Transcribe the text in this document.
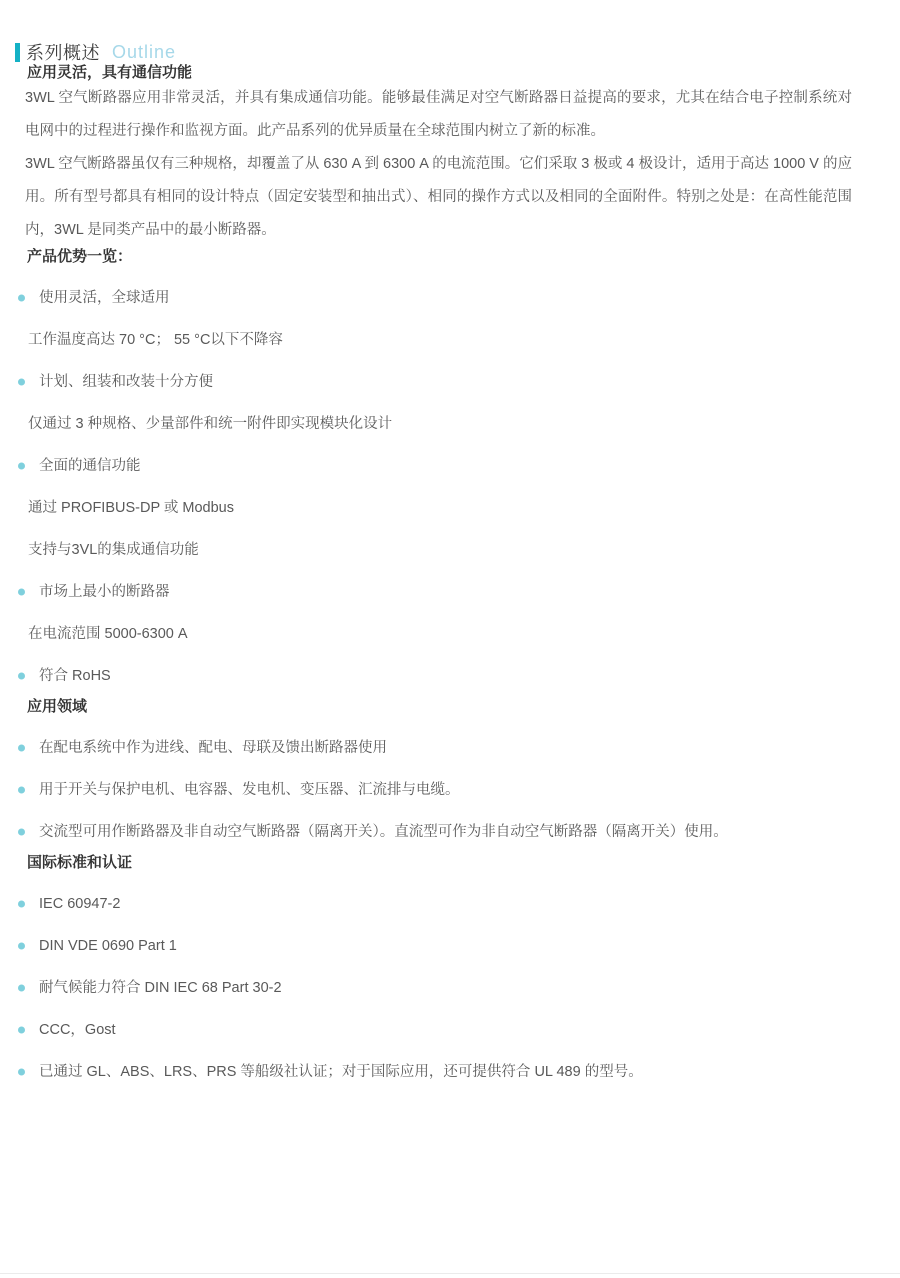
系列概述 Outline
应用灵活，具有通信功能

3WL 空气断路器应用非常灵活，并具有集成通信功能。能够最佳满足对空气断路器日益提高的要求，尤其在结合电子控制系统对电网中的过程进行操作和监视方面。此产品系列的优异质量在全球范围内树立了新的标准。

3WL 空气断路器虽仅有三种规格，却覆盖了从 630 A 到 6300 A 的电流范围。它们采取 3 极或 4 极设计，适用于高达 1000 V 的应用。所有型号都具有相同的设计特点（固定安装型和抽出式）、相同的操作方式以及相同的全面附件。特别之处是：在高性能范围内，3WL 是同类产品中的最小断路器。

产品优势一览：
使用灵活，全球适用
工作温度高达 70 °C； 55 °C以下不降容
计划、组装和改装十分方便
仅通过 3 种规格、少量部件和统一附件即实现模块化设计
全面的通信功能
通过 PROFIBUS-DP 或 Modbus
支持与3VL的集成通信功能
市场上最小的断路器
在电流范围 5000-6300 A
符合 RoHS
应用领域
在配电系统中作为进线、配电、母联及馈出断路器使用
用于开关与保护电机、电容器、发电机、变压器、汇流排与电缆。
交流型可用作断路器及非自动空气断路器（隔离开关）。直流型可作为非自动空气断路器（隔离开关）使用。
国际标准和认证
IEC 60947-2
DIN VDE 0690 Part 1
耐气候能力符合 DIN IEC 68 Part 30-2
CCC，Gost
已通过 GL、ABS、LRS、PRS 等船级社认证；对于国际应用，还可提供符合 UL 489 的型号。
